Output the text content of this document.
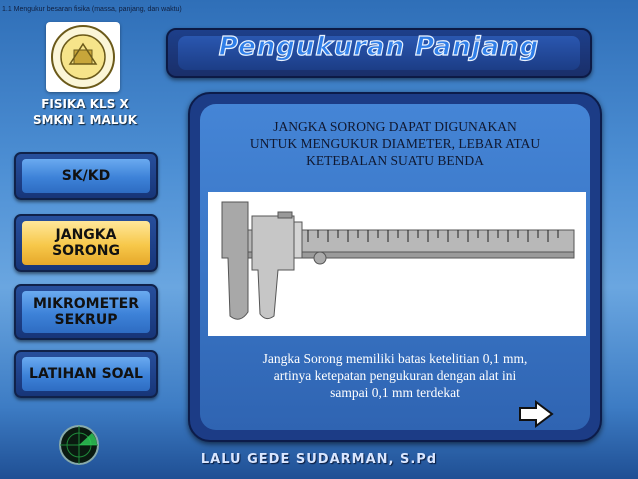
1.1 Mengukur besaran fisika (massa, panjang, dan waktu)
FISIKA KLS X
SMKN 1 MALUK
Pengukuran Panjang
SK/KD
JANGKA
SORONG
MIKROMETER
SEKRUP
LATIHAN SOAL
JANGKA SORONG DAPAT DIGUNAKAN
UNTUK MENGUKUR DIAMETER, LEBAR ATAU
KETEBALAN SUATU BENDA
Jangka Sorong memiliki batas ketelitian 0,1 mm,
artinya ketepatan pengukuran dengan alat ini
sampai 0,1 mm terdekat
LALU GEDE SUDARMAN, S.Pd
